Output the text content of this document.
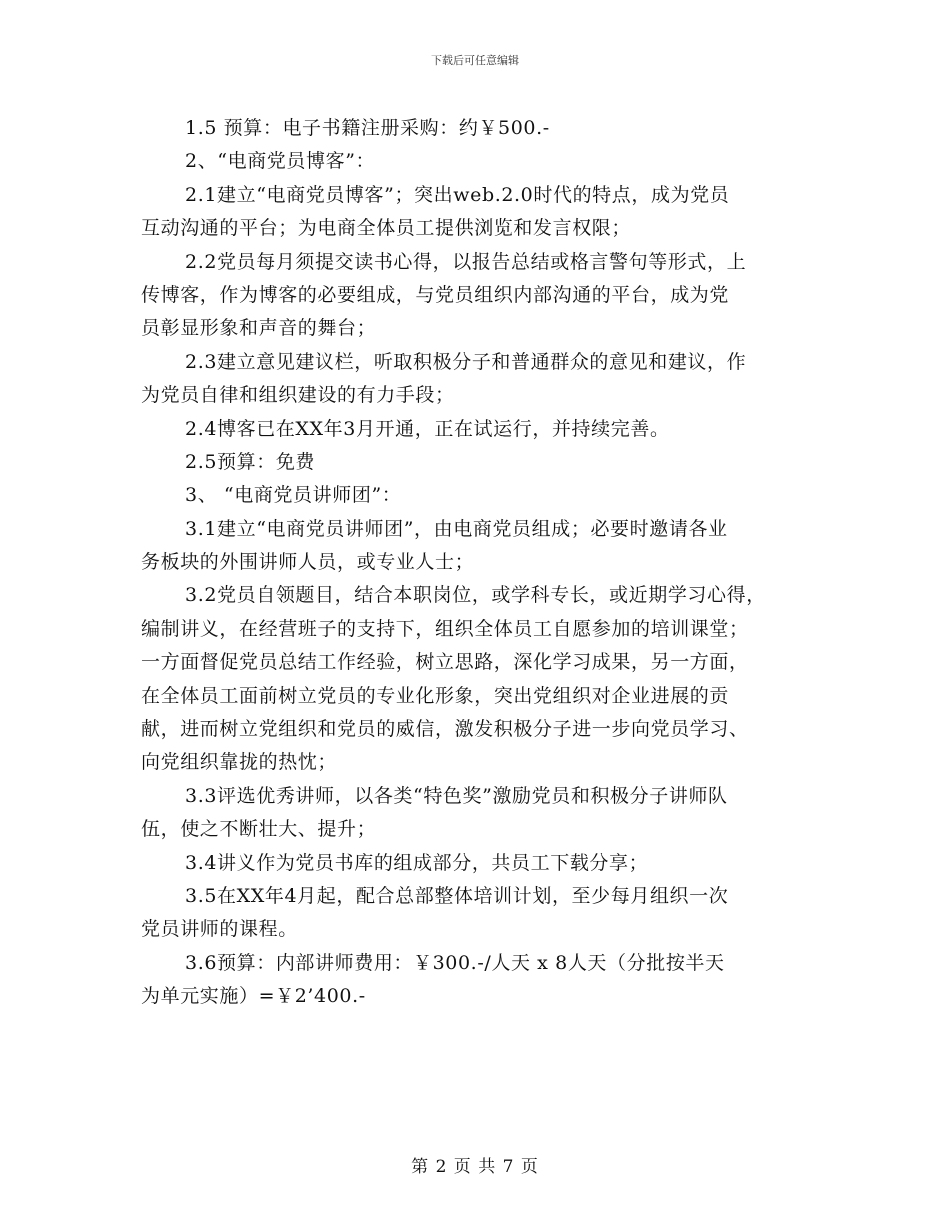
下载后可任意编辑
1.5 预算：电子书籍注册采购：约￥500.-
2、“电商党员博客”：
2.1建立“电商党员博客”；突出web.2.0时代的特点，成为党员
互动沟通的平台；为电商全体员工提供浏览和发言权限；
2.2党员每月须提交读书心得，以报告总结或格言警句等形式，上
传博客，作为博客的必要组成，与党员组织内部沟通的平台，成为党
员彰显形象和声音的舞台；
2.3建立意见建议栏，听取积极分子和普通群众的意见和建议，作
为党员自律和组织建设的有力手段；
2.4博客已在XX年3月开通，正在试运行，并持续完善。
2.5预算：免费
3、 “电商党员讲师团”：
3.1建立“电商党员讲师团”，由电商党员组成；必要时邀请各业
务板块的外围讲师人员，或专业人士；
3.2党员自领题目，结合本职岗位，或学科专长，或近期学习心得，
编制讲义，在经营班子的支持下，组织全体员工自愿参加的培训课堂；
一方面督促党员总结工作经验，树立思路，深化学习成果，另一方面，
在全体员工面前树立党员的专业化形象，突出党组织对企业进展的贡
献，进而树立党组织和党员的威信，激发积极分子进一步向党员学习、
向党组织靠拢的热忱；
3.3评选优秀讲师，以各类“特色奖”激励党员和积极分子讲师队
伍，使之不断壮大、提升；
3.4讲义作为党员书库的组成部分，共员工下载分享；
3.5在XX年4月起，配合总部整体培训计划，至少每月组织一次
党员讲师的课程。
3.6预算：内部讲师费用：￥300.-/人天 x 8人天（分批按半天
为单元实施）=￥2’400.-
第 2 页 共 7 页
